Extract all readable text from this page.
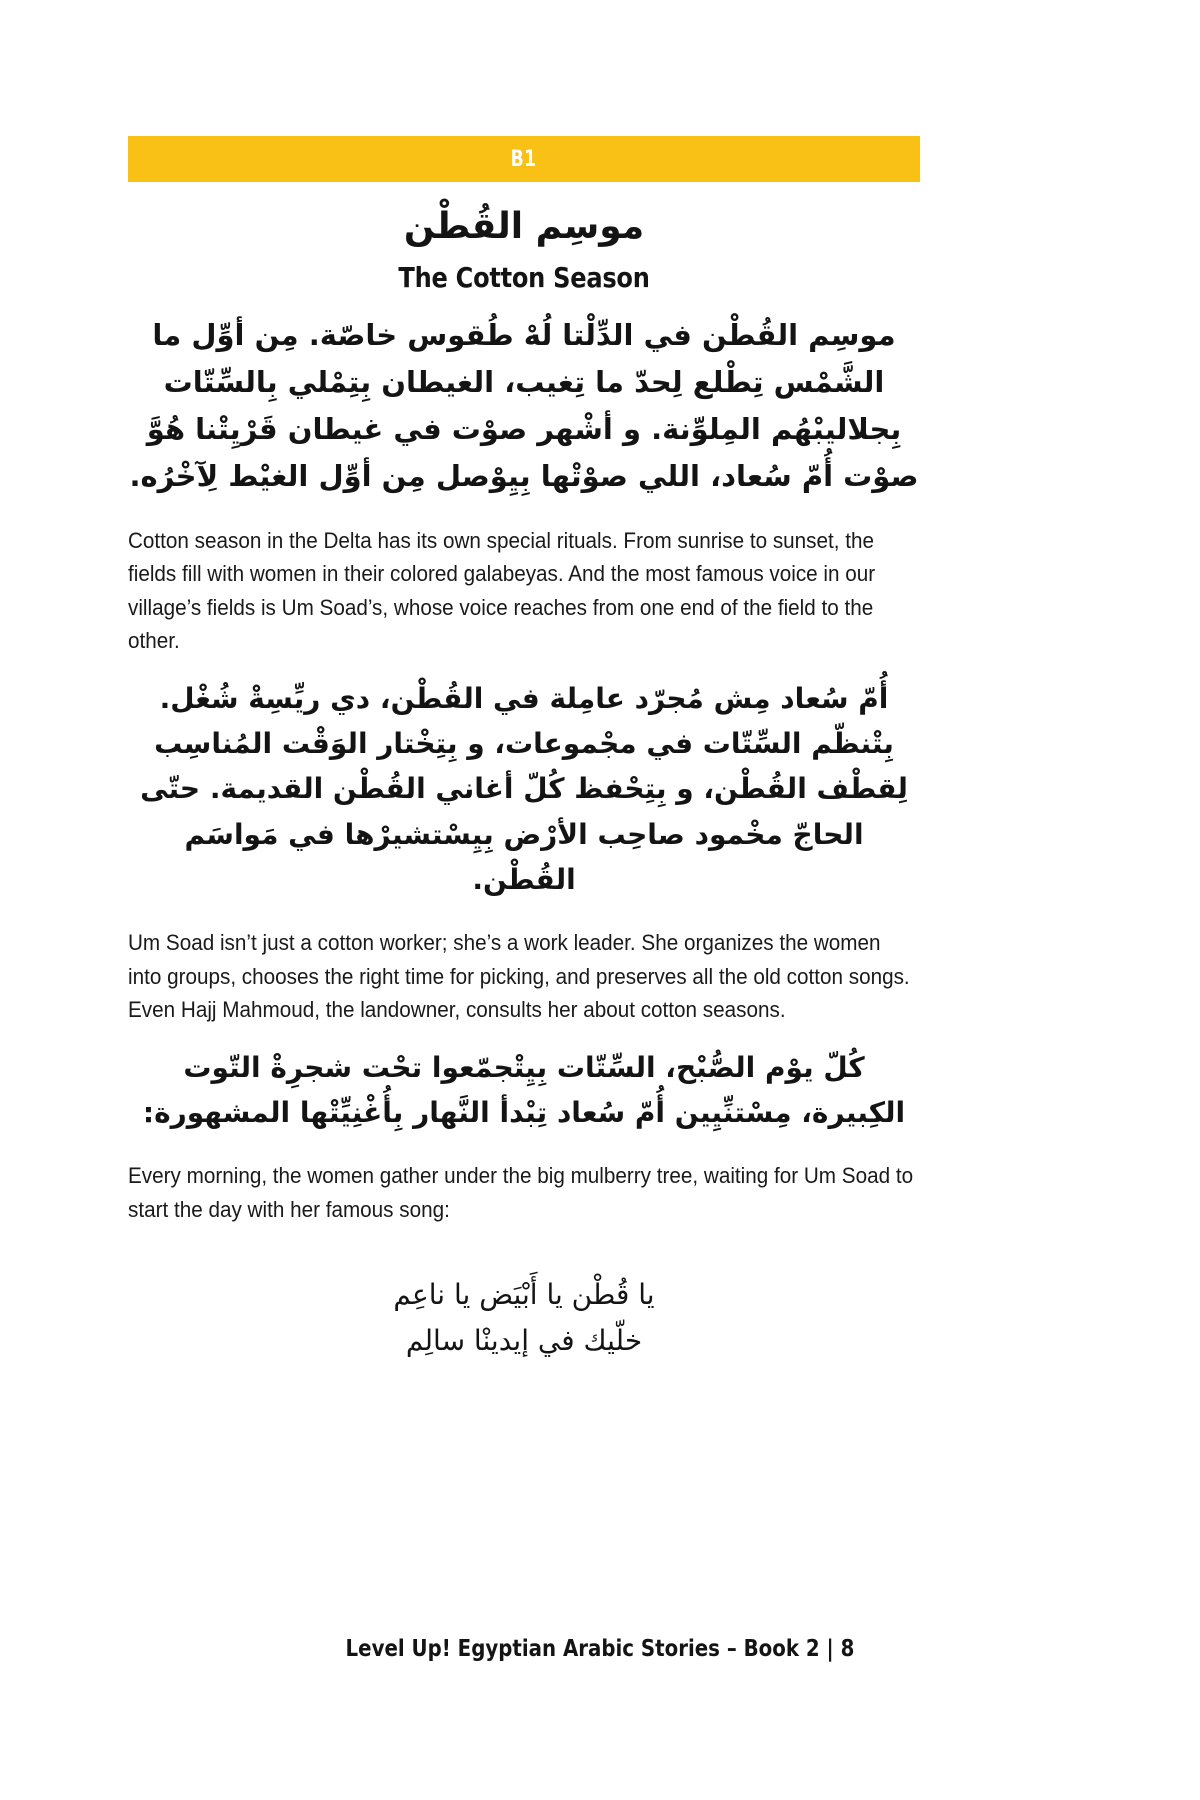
B1
موسِم القُطْن
The Cotton Season
موسِم القُطْن في الدِّلْتا لُهْ طُقوس خاصّة. مِن أوِّل ما الشَّمْس تِطْلع لِحدّ ما تِغيب، الغيطان بِتِمْلي بِالسِّتّات بِجلاليبْهُم المِلوِّنة. و أشْهر صوْت في غيطان قَرْيِتْنا هُوَّ صوْت أُمّ سُعاد، اللي صوْتْها بِيِوْصل مِن أوِّل الغيْط لِآخْرُه.
Cotton season in the Delta has its own special rituals. From sunrise to sunset, the fields fill with women in their colored galabeyas. And the most famous voice in our village’s fields is Um Soad’s, whose voice reaches from one end of the field to the other.
أُمّ سُعاد مِش مُجرّد عامِلة في القُطْن، دي ريِّسِةْ شُغْل. بِتْنظّم السِّتّات في مجْموعات، و بِتِخْتار الوَقْت المُناسِب لِقطْف القُطْن، و بِتِحْفظ كُلّ أغاني القُطْن القديمة. حتّى الحاجّ مخْمود صاحِب الأرْض بِيِسْتشيرْها في مَواسَم القُطْن.
Um Soad isn’t just a cotton worker; she’s a work leader. She organizes the women into groups, chooses the right time for picking, and preserves all the old cotton songs. Even Hajj Mahmoud, the landowner, consults her about cotton seasons.
كُلّ يوْم الصُّبْح، السِّتّات بِيِتْجمّعوا تحْت شجرِةْ التّوت الكِبيرة، مِسْتنِّيِين أُمّ سُعاد تِبْدأ النَّهار بِأُغْنِيِّتْها المشهورة:
Every morning, the women gather under the big mulberry tree, waiting for Um Soad to start the day with her famous song:
يا قُطْن يا أَبْيَض يا ناعِم
خلّيك في إيدينْا سالِم
Level Up! Egyptian Arabic Stories – Book 2 | 8
